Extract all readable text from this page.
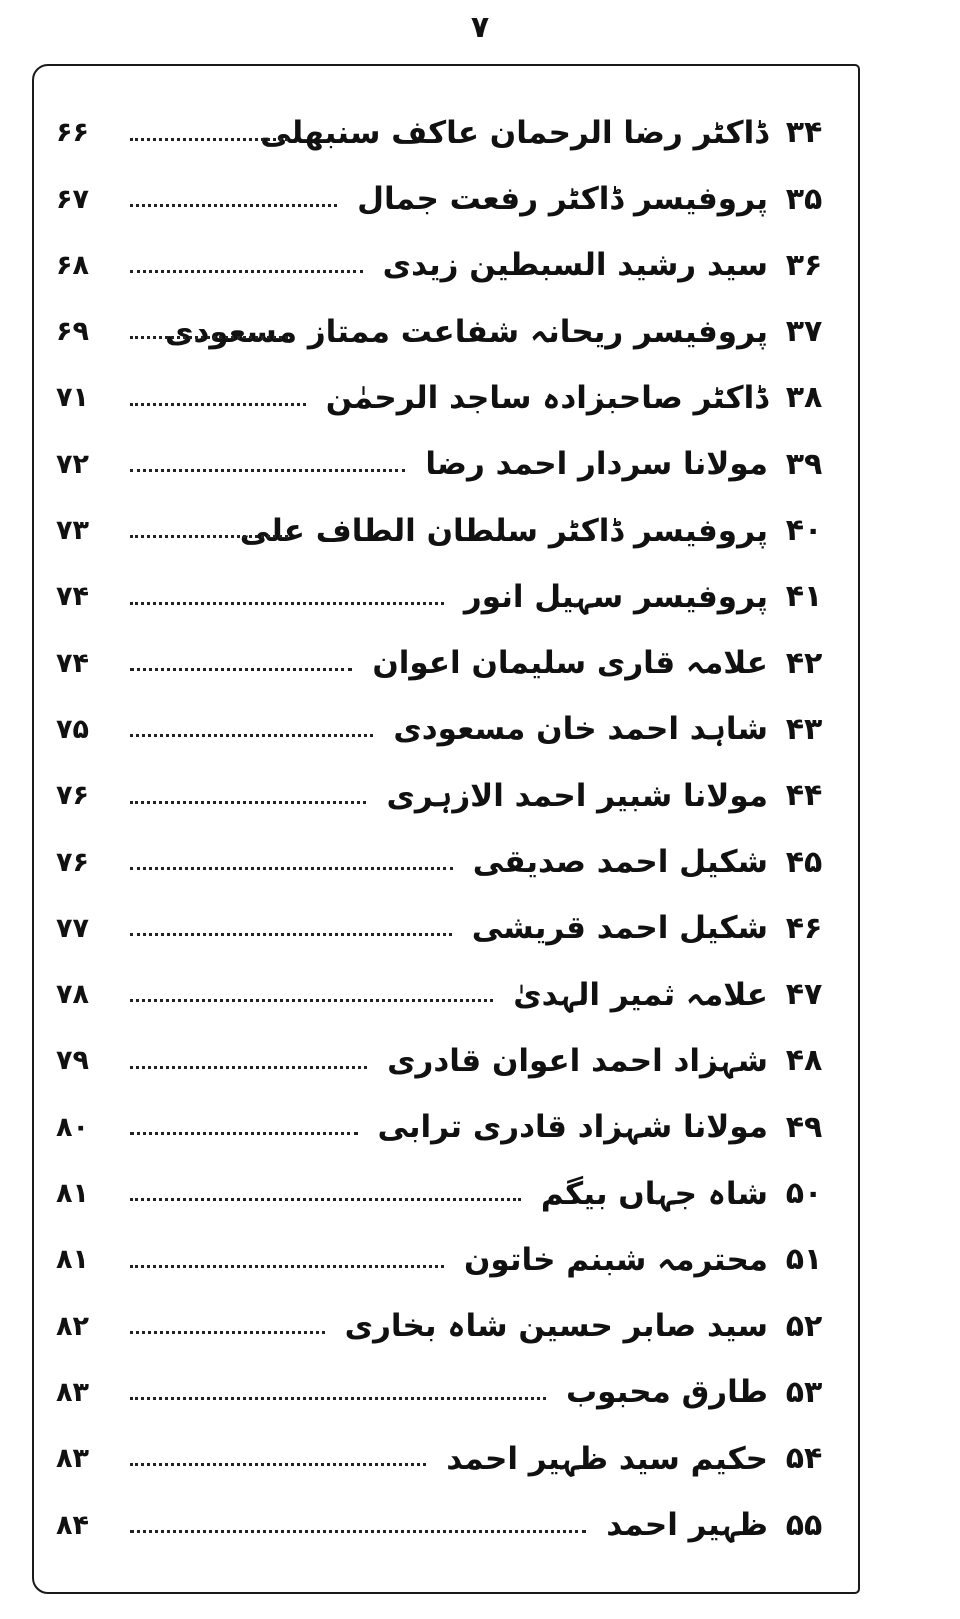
۷
۳۴
ڈاکٹر رضا الرحمان عاکف سنبھلی
۶۶
۳۵
پروفیسر ڈاکٹر رفعت جمال
۶۷
۳۶
سید رشید السبطین زیدی
۶۸
۳۷
پروفیسر ریحانہ شفاعت ممتاز مسعودی
۶۹
۳۸
ڈاکٹر صاحبزادہ ساجد الرحمٰن
۷۱
۳۹
مولانا سردار احمد رضا
۷۲
۴۰
پروفیسر ڈاکٹر سلطان الطاف علی
۷۳
۴۱
پروفیسر سہیل انور
۷۴
۴۲
علامہ قاری سلیمان اعوان
۷۴
۴۳
شاہد احمد خان مسعودی
۷۵
۴۴
مولانا شبیر احمد الازہری
۷۶
۴۵
شکیل احمد صدیقی
۷۶
۴۶
شکیل احمد قریشی
۷۷
۴۷
علامہ ثمیر الہدیٰ
۷۸
۴۸
شہزاد احمد اعوان قادری
۷۹
۴۹
مولانا شہزاد قادری ترابی
۸۰
۵۰
شاہ جہاں بیگم
۸۱
۵۱
محترمہ شبنم خاتون
۸۱
۵۲
سید صابر حسین شاہ بخاری
۸۲
۵۳
طارق محبوب
۸۳
۵۴
حکیم سید ظہیر احمد
۸۳
۵۵
ظہیر احمد
۸۴
